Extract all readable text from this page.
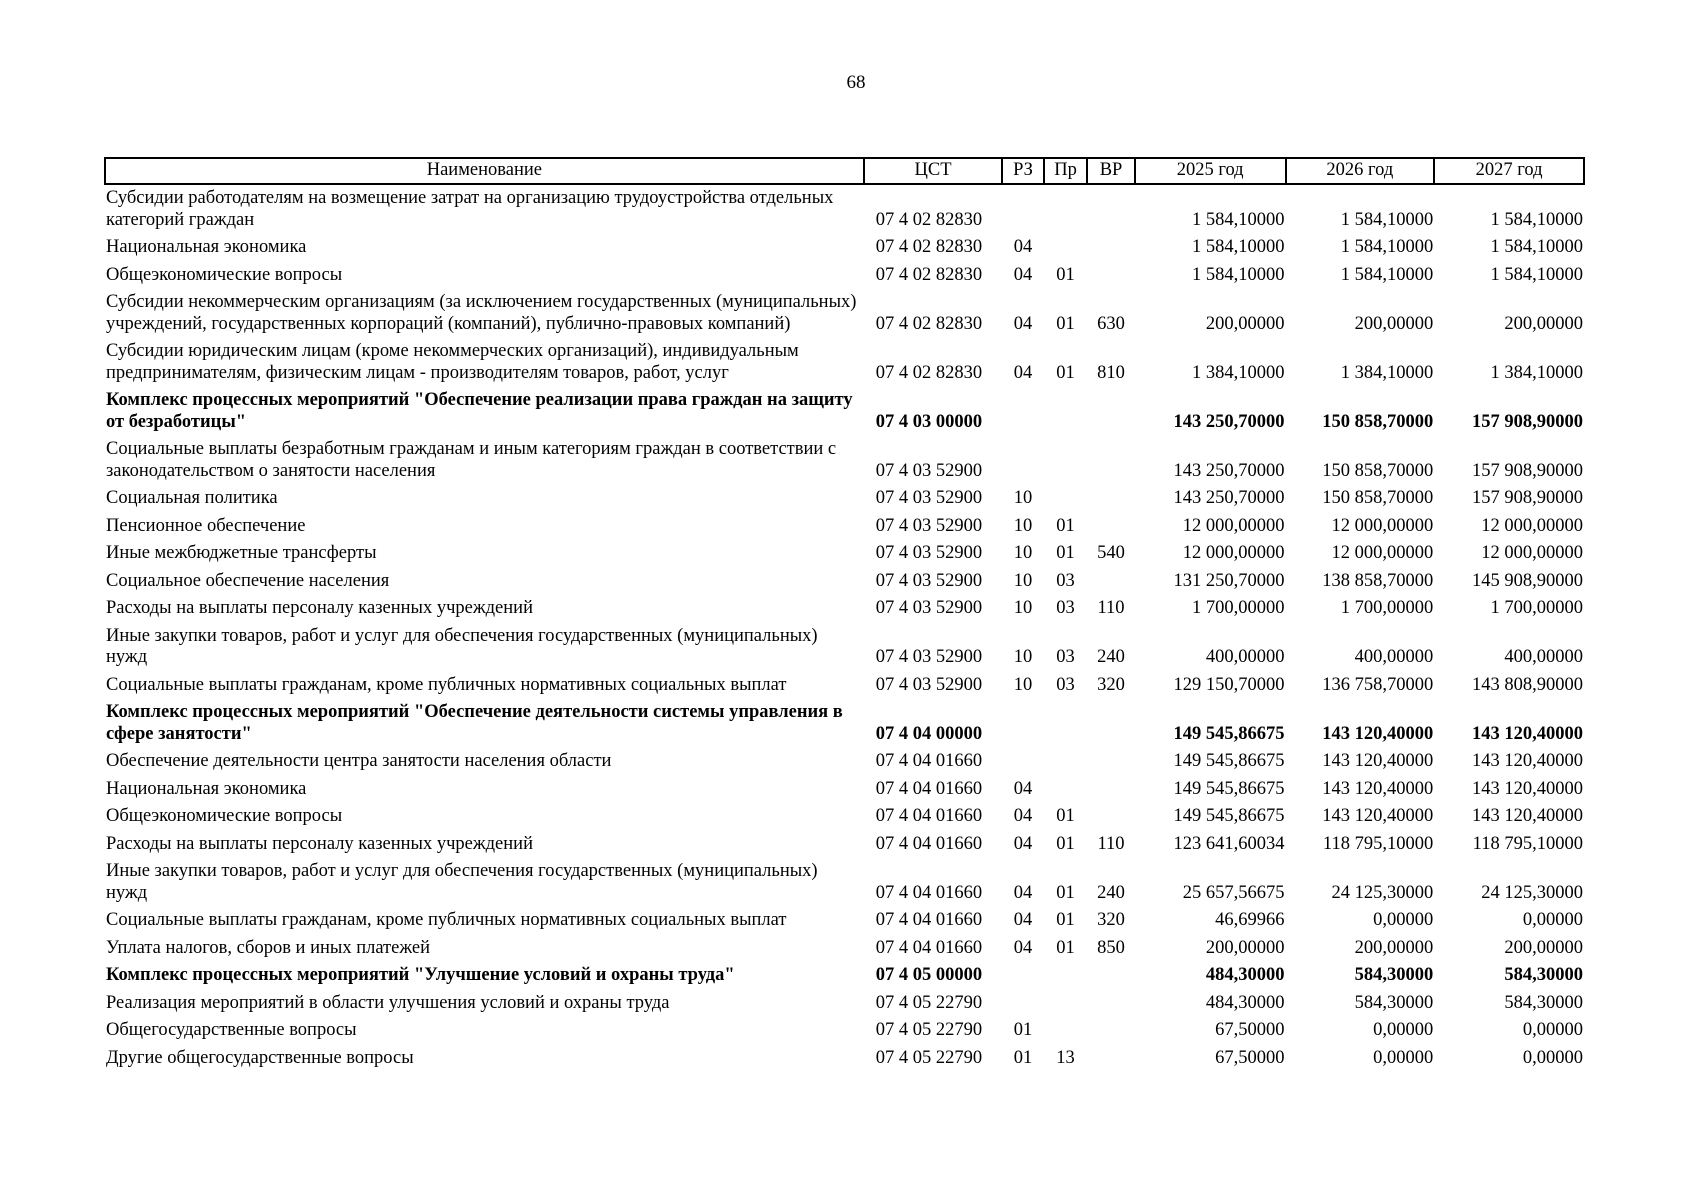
68
Наименование	ЦСТ	РЗ	Пр	ВР	2025 год	2026 год	2027 год
Субсидии работодателям на возмещение затрат на организацию трудоустройства отдельных категорий граждан	07 4 02 82830				1 584,10000	1 584,10000	1 584,10000
Национальная экономика	07 4 02 82830	04			1 584,10000	1 584,10000	1 584,10000
Общеэкономические вопросы	07 4 02 82830	04	01		1 584,10000	1 584,10000	1 584,10000
Субсидии некоммерческим организациям (за исключением государственных (муниципальных) учреждений, государственных корпораций (компаний), публично-правовых компаний)	07 4 02 82830	04	01	630	200,00000	200,00000	200,00000
Субсидии юридическим лицам (кроме некоммерческих организаций), индивидуальным предпринимателям, физическим лицам - производителям товаров, работ, услуг	07 4 02 82830	04	01	810	1 384,10000	1 384,10000	1 384,10000
Комплекс процессных мероприятий "Обеспечение реализации права граждан на защиту от безработицы"	07 4 03 00000				143 250,70000	150 858,70000	157 908,90000
Социальные выплаты безработным гражданам и иным категориям граждан в соответствии с законодательством о занятости населения	07 4 03 52900				143 250,70000	150 858,70000	157 908,90000
Социальная политика	07 4 03 52900	10			143 250,70000	150 858,70000	157 908,90000
Пенсионное обеспечение	07 4 03 52900	10	01		12 000,00000	12 000,00000	12 000,00000
Иные межбюджетные трансферты	07 4 03 52900	10	01	540	12 000,00000	12 000,00000	12 000,00000
Социальное обеспечение населения	07 4 03 52900	10	03		131 250,70000	138 858,70000	145 908,90000
Расходы на выплаты персоналу казенных учреждений	07 4 03 52900	10	03	110	1 700,00000	1 700,00000	1 700,00000
Иные закупки товаров, работ и услуг для обеспечения государственных (муниципальных) нужд	07 4 03 52900	10	03	240	400,00000	400,00000	400,00000
Социальные выплаты гражданам, кроме публичных нормативных социальных выплат	07 4 03 52900	10	03	320	129 150,70000	136 758,70000	143 808,90000
Комплекс процессных мероприятий "Обеспечение деятельности системы управления в сфере занятости"	07 4 04 00000				149 545,86675	143 120,40000	143 120,40000
Обеспечение деятельности центра занятости населения области	07 4 04 01660				149 545,86675	143 120,40000	143 120,40000
Национальная экономика	07 4 04 01660	04			149 545,86675	143 120,40000	143 120,40000
Общеэкономические вопросы	07 4 04 01660	04	01		149 545,86675	143 120,40000	143 120,40000
Расходы на выплаты персоналу казенных учреждений	07 4 04 01660	04	01	110	123 641,60034	118 795,10000	118 795,10000
Иные закупки товаров, работ и услуг для обеспечения государственных (муниципальных) нужд	07 4 04 01660	04	01	240	25 657,56675	24 125,30000	24 125,30000
Социальные выплаты гражданам, кроме публичных нормативных социальных выплат	07 4 04 01660	04	01	320	46,69966	0,00000	0,00000
Уплата налогов, сборов и иных платежей	07 4 04 01660	04	01	850	200,00000	200,00000	200,00000
Комплекс процессных мероприятий "Улучшение условий и охраны труда"	07 4 05 00000				484,30000	584,30000	584,30000
Реализация мероприятий в области улучшения условий и охраны труда	07 4 05 22790				484,30000	584,30000	584,30000
Общегосударственные вопросы	07 4 05 22790	01			67,50000	0,00000	0,00000
Другие общегосударственные вопросы	07 4 05 22790	01	13		67,50000	0,00000	0,00000
